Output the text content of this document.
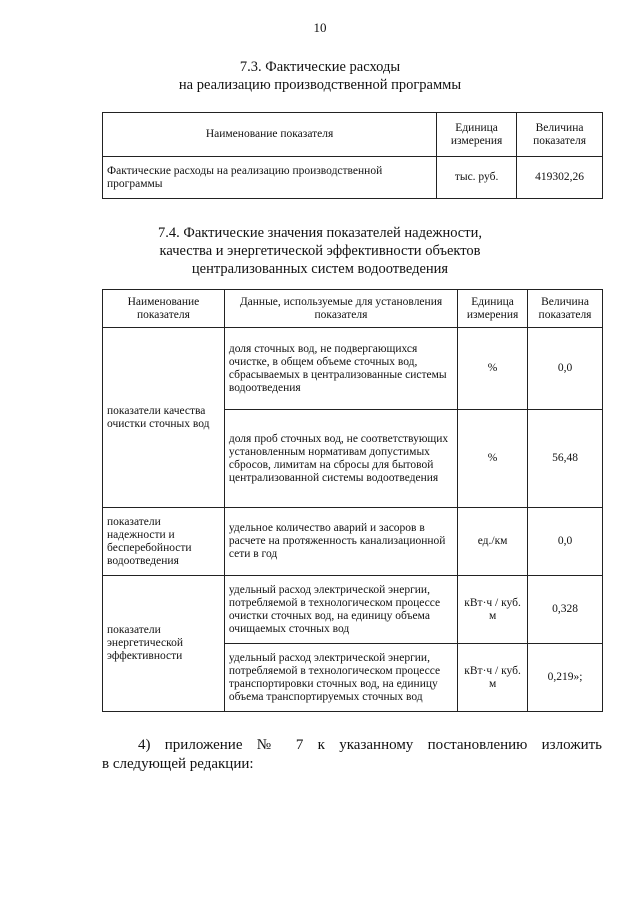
10
7.3. Фактические расходы
на реализацию производственной программы
Наименование показателя	Единица измерения	Величина показателя
Фактические расходы на реализацию производственной программы	тыс. руб.	419302,26
7.4. Фактические значения показателей надежности,
качества и энергетической эффективности объектов
централизованных систем водоотведения
Наименование показателя	Данные, используемые для установления показателя	Единица измерения	Величина показателя
показатели качества очистки сточных вод	доля сточных вод, не подвергающихся очистке, в общем объеме сточных вод, сбрасываемых в централизованные системы водоотведения	%	0,0
	доля проб сточных вод, не соответствующих установленным нормативам допустимых сбросов, лимитам на сбросы для бытовой централизованной системы водоотведения	%	56,48
показатели надежности и бесперебойности водоотведения	удельное количество аварий и засоров в расчете на протяженность канализационной сети в год	ед./км	0,0
показатели энергетической эффективности	удельный расход электрической энергии, потребляемой в технологическом процессе очистки сточных вод, на единицу объема очищаемых сточных вод	кВт·ч / куб. м	0,328
	удельный расход электрической энергии, потребляемой в технологическом процессе транспортировки сточных вод, на единицу объема транспортируемых сточных вод	кВт·ч / куб. м	0,219»;
4) приложение № 7 к указанному постановлению изложить
в следующей редакции:
